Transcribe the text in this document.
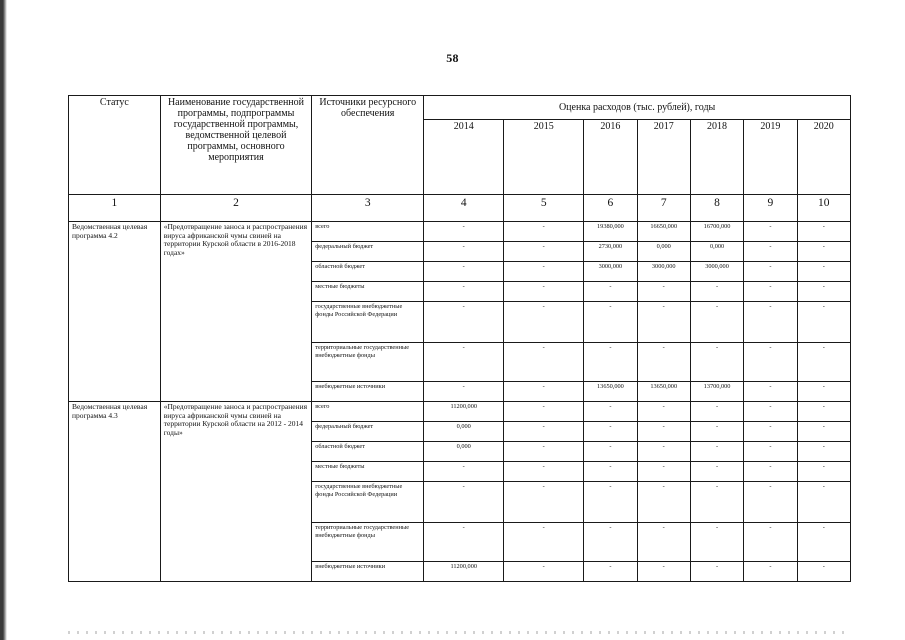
58
Статус	Наименование государственной программы, подпрограммы государственной программы, ведомственной целевой программы, основного мероприятия	Источники ресурсного обеспечения	Оценка расходов (тыс. рублей), годы						
			2014	2015	2016	2017	2018	2019	2020
1	2	3	4	5	6	7	8	9	10
Ведомственная целевая программа 4.2	«Предотвращение заноса и распространения вируса африканской чумы свиней на территории Курской области в 2016-2018 годах»	всего	-	-	19380,000	16650,000	16700,000	-	-
		федеральный бюджет	-	-	2730,000	0,000	0,000	-	-
		областной бюджет	-	-	3000,000	3000,000	3000,000	-	-
		местные бюджеты	-	-	-	-	-	-	-
		государственные внебюджетные фонды Российской Федерации	-	-	-	-	-	-	-
		территориальные государственные внебюджетные фонды	-	-	-	-	-	-	-
		внебюджетные источники	-	-	13650,000	13650,000	13700,000	-	-
Ведомственная целевая программа 4.3	«Предотвращение заноса и распространения вируса африканской чумы свиней на территории Курской области на 2012 - 2014 годы»	всего	11200,000	-	-	-	-	-	-
		федеральный бюджет	0,000	-	-	-	-	-	-
		областной бюджет	0,000	-	-	-	-	-	-
		местные бюджеты	-	-	-	-	-	-	-
		государственные внебюджетные фонды Российской Федерации	-	-	-	-	-	-	-
		территориальные государственные внебюджетные фонды	-	-	-	-	-	-	-
		внебюджетные источники	11200,000	-	-	-	-	-	-
